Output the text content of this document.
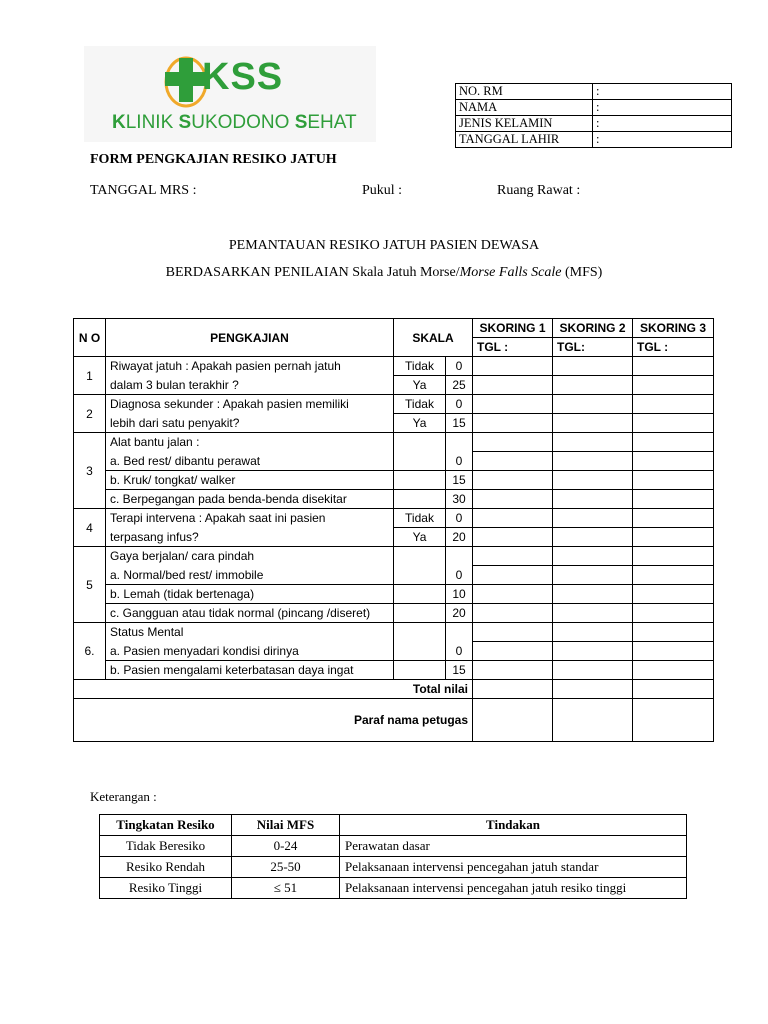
KSS
KLINIK SUKODONO SEHAT
NO. RM	:
NAMA	:
JENIS KELAMIN	:
TANGGAL LAHIR	:
FORM PENGKAJIAN RESIKO JATUH
TANGGAL MRS :	Pukul :	Ruang Rawat :
PEMANTAUAN RESIKO JATUH PASIEN DEWASA
BERDASARKAN PENILAIAN Skala Jatuh Morse/Morse Falls Scale (MFS)
N O	PENGKAJIAN	SKALA		SKORING 1	SKORING 2	SKORING 3
				TGL :	TGL:	TGL :
1	Riwayat jatuh : Apakah pasien pernah jatuh	Tidak	0			
	dalam 3 bulan terakhir ?	Ya	25			
2	Diagnosa sekunder : Apakah pasien memiliki	Tidak	0			
	lebih dari satu penyakit?	Ya	15			
3	Alat bantu jalan :					
	a. Bed rest/ dibantu perawat		0			
	b. Kruk/ tongkat/ walker		15			
	c. Berpegangan pada benda-benda disekitar		30			
4	Terapi intervena : Apakah saat ini pasien	Tidak	0			
	terpasang infus?	Ya	20			
5	Gaya berjalan/ cara pindah					
	a. Normal/bed rest/ immobile		0			
	b. Lemah (tidak bertenaga)		10			
	c. Gangguan atau tidak normal (pincang /diseret)		20			
6.	Status Mental					
	a. Pasien menyadari kondisi dirinya		0			
	b. Pasien mengalami keterbatasan daya ingat		15			
Total nilai						
Paraf nama petugas						
Keterangan :
Tingkatan Resiko	Nilai MFS	Tindakan
Tidak Beresiko	0-24	Perawatan dasar
Resiko Rendah	25-50	Pelaksanaan intervensi pencegahan jatuh standar
Resiko Tinggi	≤ 51	Pelaksanaan intervensi pencegahan jatuh resiko tinggi
